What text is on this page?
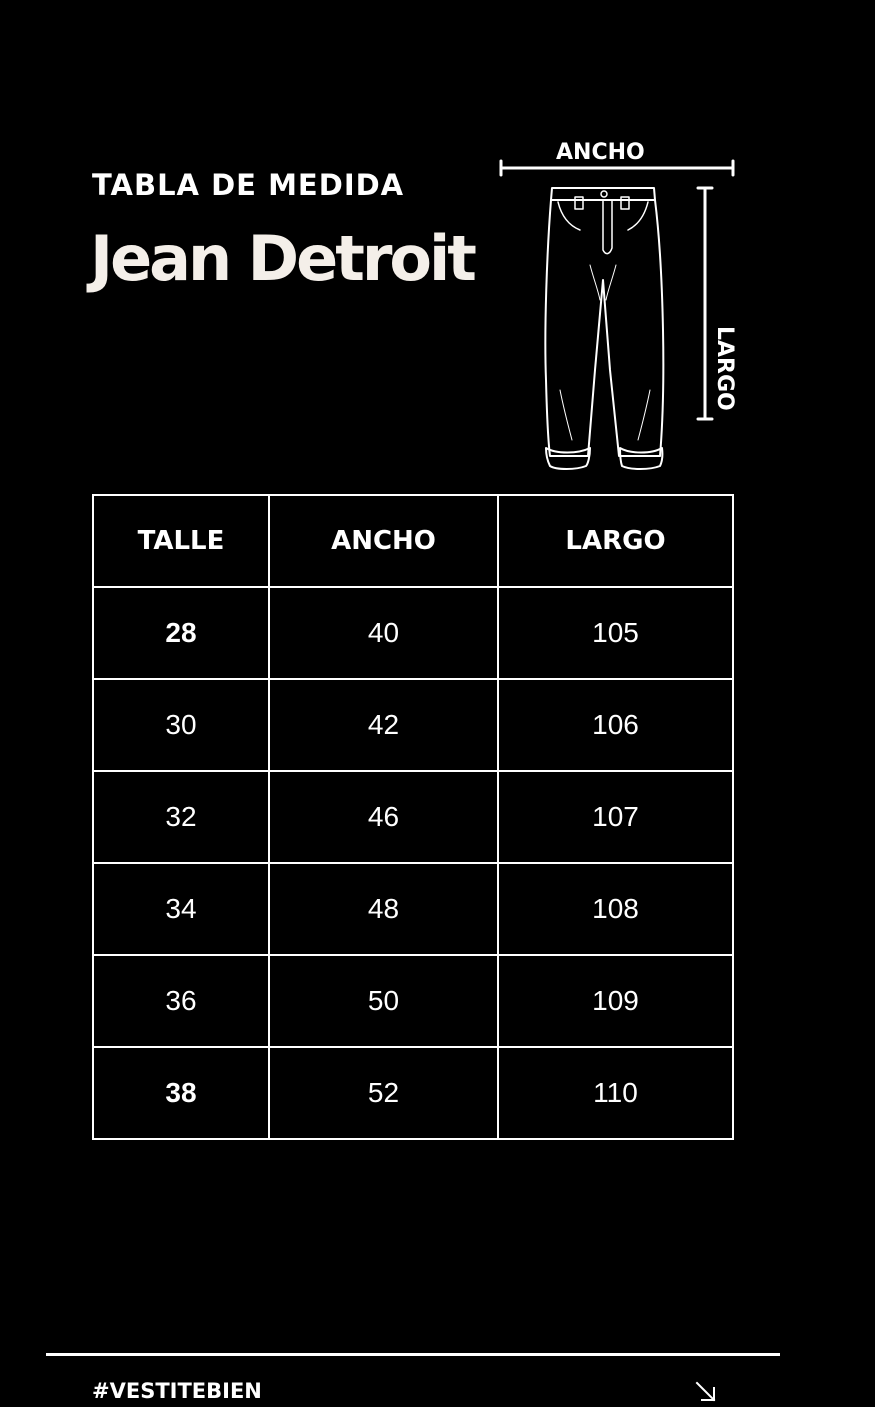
TABLA DE MEDIDA
Jean Detroit
ANCHO
LARGO
TALLE	ANCHO	LARGO
28	40	105
30	42	106
32	46	107
34	48	108
36	50	109
38	52	110
#VESTITEBIEN
